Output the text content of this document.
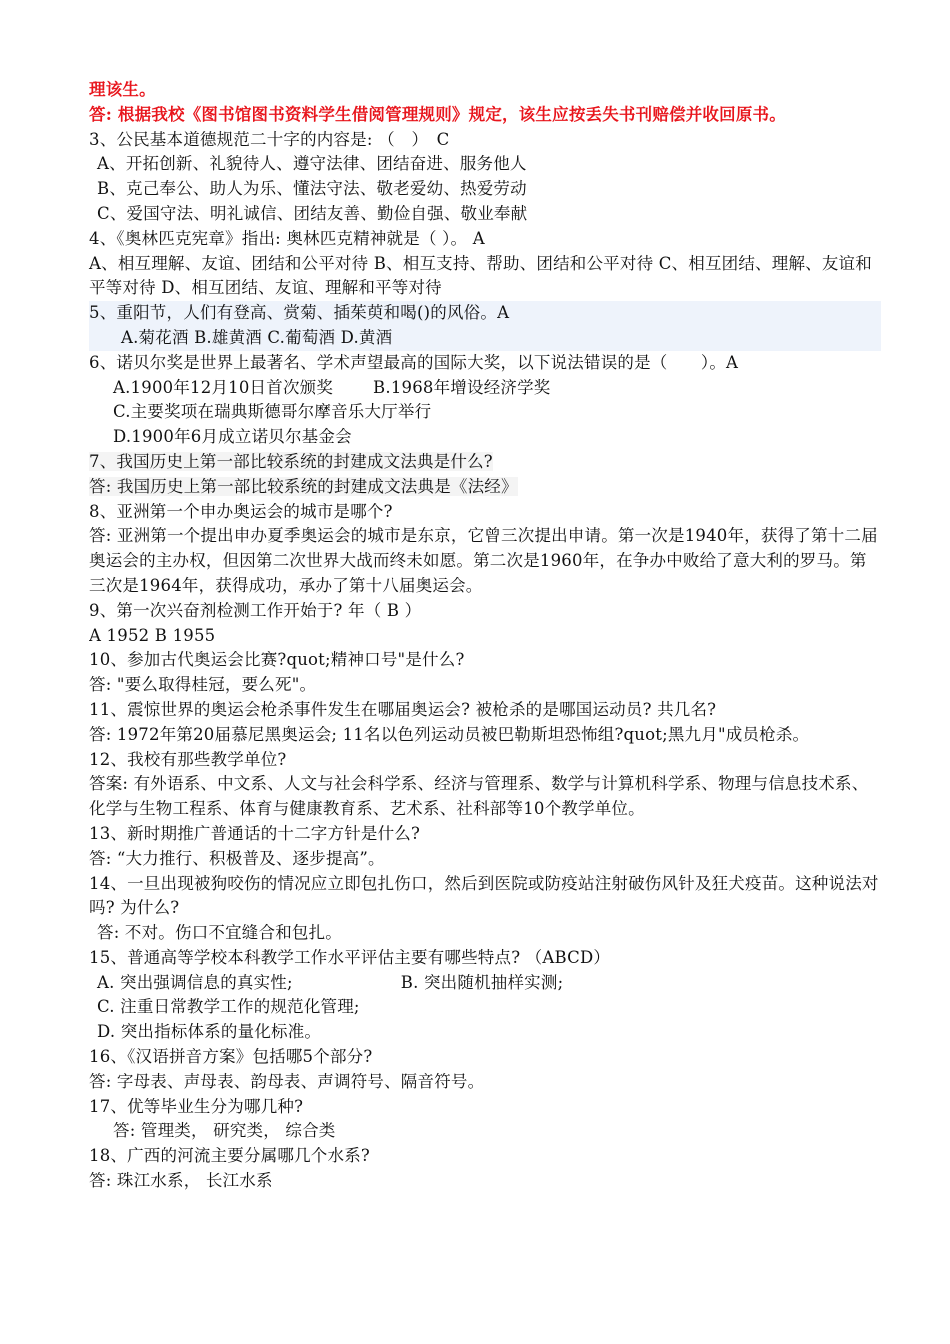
理该生。
答: 根据我校《图书馆图书资料学生借阅管理规则》规定，该生应按丢失书刊赔偿并收回原书。
3、公民基本道德规范二十字的内容是: （　）　C
A、开拓创新、礼貌待人、遵守法律、团结奋进、服务他人
B、克己奉公、助人为乐、懂法守法、敬老爱幼、热爱劳动
C、爱国守法、明礼诚信、团结友善、勤俭自强、敬业奉献
4、《奥林匹克宪章》指出: 奥林匹克精神就是（ ）。 A
A、相互理解、友谊、团结和公平对待 B、相互支持、帮助、团结和公平对待 C、相互团结、理解、友谊和平等对待 D、相互团结、友谊、理解和平等对待
5、重阳节，人们有登高、赏菊、插茱萸和喝()的风俗。A
A.菊花酒 B.雄黄酒 C.葡萄酒 D.黄酒
6、诺贝尔奖是世界上最著名、学术声望最高的国际大奖，以下说法错误的是（　　）。A
A.1900年12月10日首次颁奖 B.1968年增设经济学奖
C.主要奖项在瑞典斯德哥尔摩音乐大厅举行
D.1900年6月成立诺贝尔基金会
7、我国历史上第一部比较系统的封建成文法典是什么?
答: 我国历史上第一部比较系统的封建成文法典是《法经》
8、亚洲第一个申办奥运会的城市是哪个?
答: 亚洲第一个提出申办夏季奥运会的城市是东京，它曾三次提出申请。第一次是1940年，获得了第十二届奥运会的主办权，但因第二次世界大战而终未如愿。第二次是1960年，在争办中败给了意大利的罗马。第三次是1964年，获得成功，承办了第十八届奥运会。
9、第一次兴奋剂检测工作开始于? 年（ B ）
A 1952 B 1955
10、参加古代奥运会比赛?quot;精神口号"是什么?
答: "要么取得桂冠，要么死"。
11、震惊世界的奥运会枪杀事件发生在哪届奥运会? 被枪杀的是哪国运动员? 共几名?
答: 1972年第20届慕尼黑奥运会; 11名以色列运动员被巴勒斯坦恐怖组?quot;黑九月"成员枪杀。
12、我校有那些教学单位?
答案: 有外语系、中文系、人文与社会科学系、经济与管理系、数学与计算机科学系、物理与信息技术系、化学与生物工程系、体育与健康教育系、艺术系、社科部等10个教学单位。
13、新时期推广普通话的十二字方针是什么?
答: “大力推行、积极普及、逐步提高”。
14、一旦出现被狗咬伤的情况应立即包扎伤口，然后到医院或防疫站注射破伤风针及狂犬疫苗。这种说法对吗? 为什么?
答: 不对。伤口不宜缝合和包扎。
15、普通高等学校本科教学工作水平评估主要有哪些特点? （ABCD）
A. 突出强调信息的真实性;	B. 突出随机抽样实测;
C. 注重日常教学工作的规范化管理;
D. 突出指标体系的量化标准。
16、《汉语拼音方案》包括哪5个部分?
答: 字母表、声母表、韵母表、声调符号、隔音符号。
17、优等毕业生分为哪几种?
答: 管理类， 研究类， 综合类
18、广西的河流主要分属哪几个水系?
答: 珠江水系， 长江水系
